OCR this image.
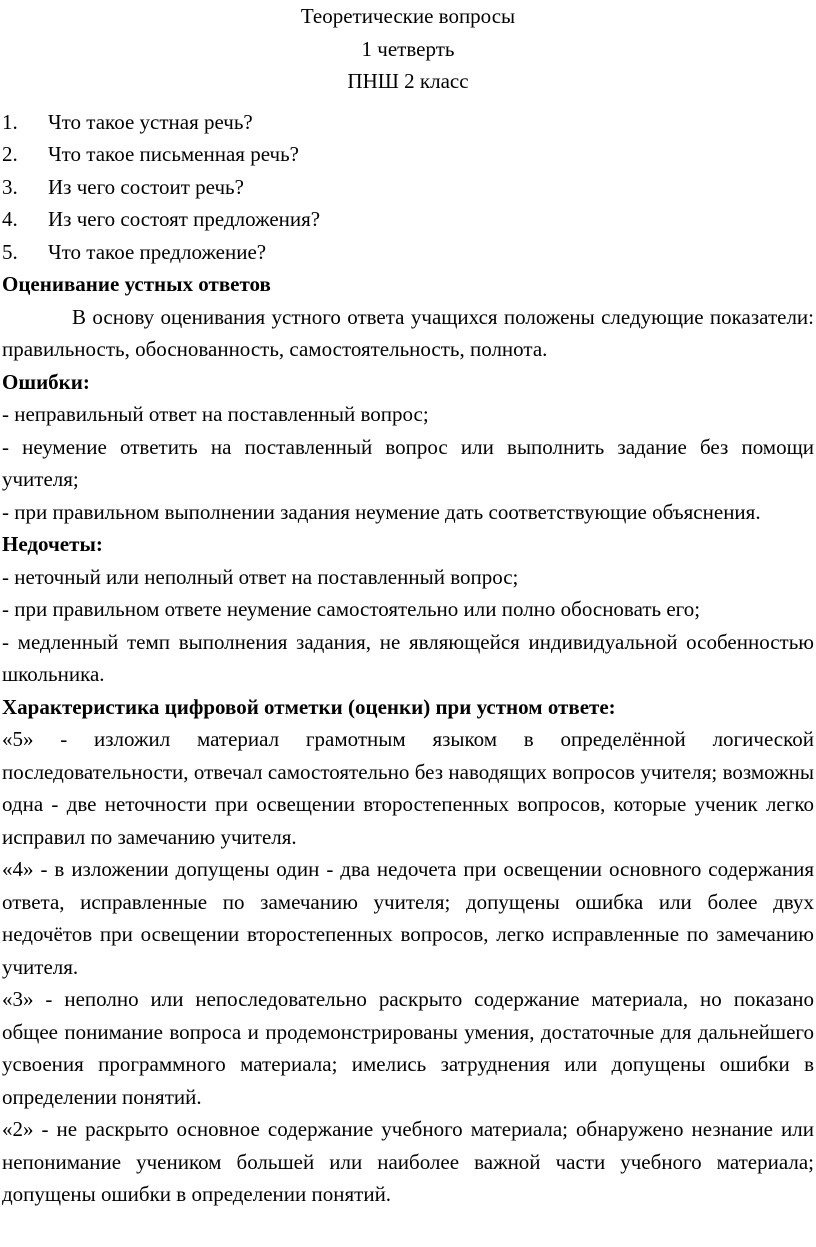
Теоретические вопросы
1 четверть
ПНШ 2 класс
1.	Что такое устная речь?
2.	Что такое письменная речь?
3.	Из чего состоит речь?
4.	Из чего состоят предложения?
5.	Что такое предложение?

Оценивание устных ответов

В основу оценивания устного ответа учащихся положены следующие показатели: правильность, обоснованность, самостоятельность, полнота.

Ошибки:

- неправильный ответ на поставленный вопрос;

- неумение ответить на поставленный вопрос или выполнить задание без помощи учителя;

- при правильном выполнении задания неумение дать соответствующие объяснения.

Недочеты:

- неточный или неполный ответ на поставленный вопрос;

- при правильном ответе неумение самостоятельно или полно обосновать его;

- медленный темп выполнения задания, не являющейся индивидуальной особенностью школьника.

Характеристика цифровой отметки (оценки) при устном ответе:

«5» - изложил материал грамотным языком в определённой логической последовательности, отвечал самостоятельно без наводящих вопросов учителя; возможны одна - две неточности при освещении второстепенных вопросов, которые ученик легко исправил по замечанию учителя.

«4» - в изложении допущены один - два недочета при освещении основного содержания ответа, исправленные по замечанию учителя; допущены ошибка или более двух недочётов при освещении второстепенных вопросов, легко исправленные по замечанию учителя.

«3» - неполно или непоследовательно раскрыто содержание материала, но показано общее понимание вопроса и продемонстрированы умения, достаточные для дальнейшего усвоения программного материала; имелись затруднения или допущены ошибки в определении понятий.

«2» - не раскрыто основное содержание учебного материала; обнаружено незнание или непонимание учеником большей или наиболее важной части учебного материала; допущены ошибки в определении понятий.
